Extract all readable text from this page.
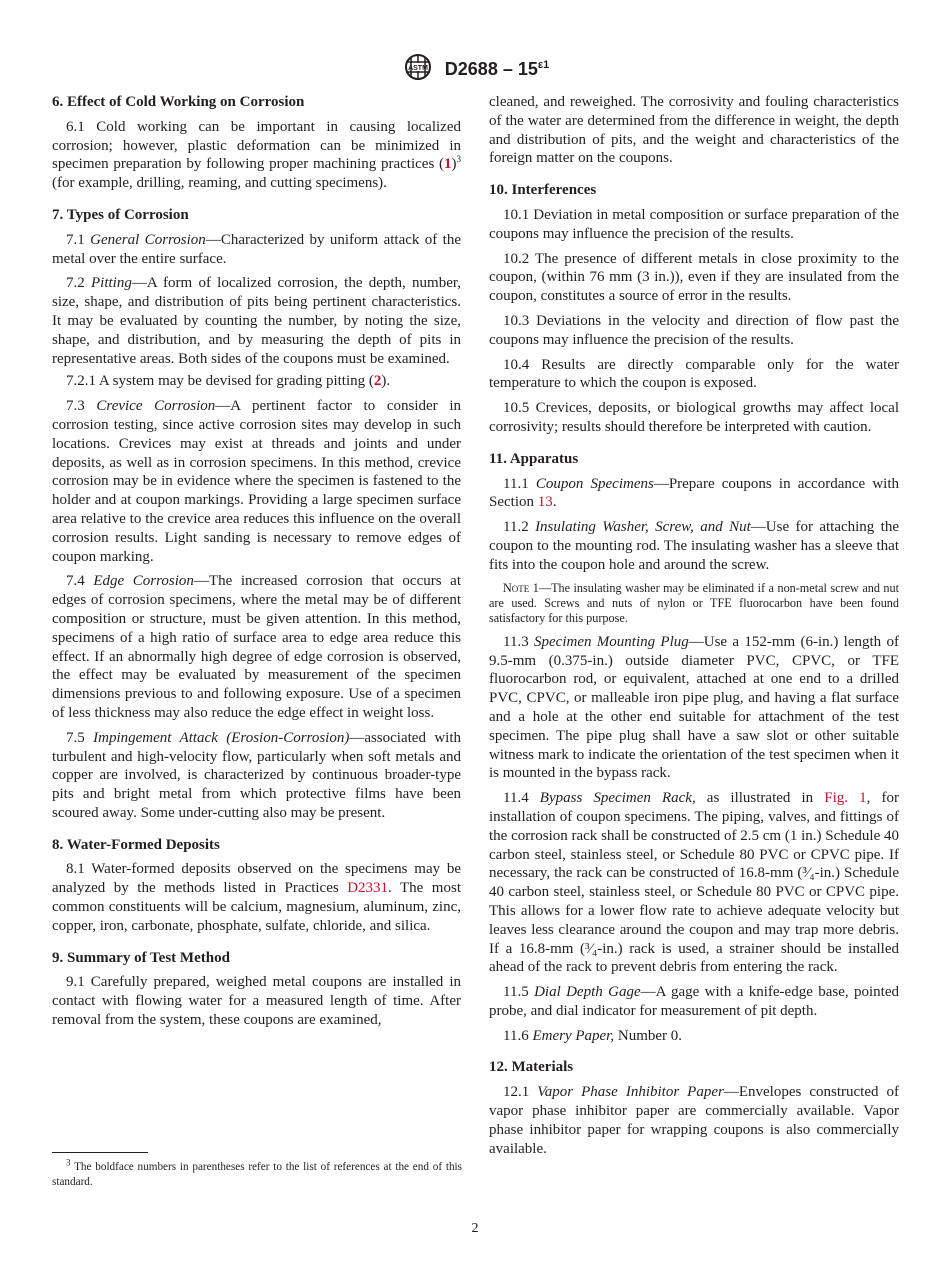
ASTM $D2688 - 15^{\varepsilon 1}$
6. Effect of Cold Working on Corrosion

6.1 Cold working can be important in causing localized corrosion; however, plastic deformation can be minimized in specimen preparation by following proper machining practices (1)$^3$ (for example, drilling, reaming, and cutting specimens).

7. Types of Corrosion

7.1 General Corrosion—Characterized by uniform attack of the metal over the entire surface.

7.2 Pitting—A form of localized corrosion, the depth, number, size, shape, and distribution of pits being pertinent characteristics. It may be evaluated by counting the number, by noting the size, shape, and distribution, and by measuring the depth of pits in representative areas. Both sides of the coupons must be examined.

7.2.1 A system may be devised for grading pitting (2).

7.3 Crevice Corrosion—A pertinent factor to consider in corrosion testing, since active corrosion sites may develop in such locations. Crevices may exist at threads and joints and under deposits, as well as in corrosion specimens. In this method, crevice corrosion may be in evidence where the specimen is fastened to the holder and at coupon markings. Providing a large specimen surface area relative to the crevice area reduces this influence on the overall corrosion results. Light sanding is necessary to remove edges of coupon marking.

7.4 Edge Corrosion—The increased corrosion that occurs at edges of corrosion specimens, where the metal may be of different composition or structure, must be given attention. In this method, specimens of a high ratio of surface area to edge area reduce this effect. If an abnormally high degree of edge corrosion is observed, the effect may be evaluated by measurement of the specimen dimensions previous to and following exposure. Use of a specimen of less thickness may also reduce the edge effect in weight loss.

7.5 Impingement Attack (Erosion-Corrosion)—associated with turbulent and high-velocity flow, particularly when soft metals and copper are involved, is characterized by continuous broader-type pits and bright metal from which protective films have been scoured away. Some under-cutting also may be present.

8. Water-Formed Deposits

8.1 Water-formed deposits observed on the specimens may be analyzed by the methods listed in Practices D2331. The most common constituents will be calcium, magnesium, aluminum, zinc, copper, iron, carbonate, phosphate, sulfate, chloride, and silica.

9. Summary of Test Method

9.1 Carefully prepared, weighed metal coupons are installed in contact with flowing water for a measured length of time. After removal from the system, these coupons are examined,

$^3$ The boldface numbers in parentheses refer to the list of references at the end of this standard.

cleaned, and reweighed. The corrosivity and fouling characteristics of the water are determined from the difference in weight, the depth and distribution of pits, and the weight and characteristics of the foreign matter on the coupons.

10. Interferences

10.1 Deviation in metal composition or surface preparation of the coupons may influence the precision of the results.

10.2 The presence of different metals in close proximity to the coupon, (within 76 mm (3 in.)), even if they are insulated from the coupon, constitutes a source of error in the results.

10.3 Deviations in the velocity and direction of flow past the coupons may influence the precision of the results.

10.4 Results are directly comparable only for the water temperature to which the coupon is exposed.

10.5 Crevices, deposits, or biological growths may affect local corrosivity; results should therefore be interpreted with caution.

11. Apparatus

11.1 Coupon Specimens—Prepare coupons in accordance with Section 13.

11.2 Insulating Washer, Screw, and Nut—Use for attaching the coupon to the mounting rod. The insulating washer has a sleeve that fits into the coupon hole and around the screw.

Note 1—The insulating washer may be eliminated if a non-metal screw and nut are used. Screws and nuts of nylon or TFE fluorocarbon have been found satisfactory for this purpose.

11.3 Specimen Mounting Plug—Use a 152-mm (6-in.) length of 9.5-mm (0.375-in.) outside diameter PVC, CPVC, or TFE fluorocarbon rod, or equivalent, attached at one end to a drilled PVC, CPVC, or malleable iron pipe plug, and having a flat surface and a hole at the other end suitable for attachment of the test specimen. The pipe plug shall have a saw slot or other suitable witness mark to indicate the orientation of the test specimen when it is mounted in the bypass rack.

11.4 Bypass Specimen Rack, as illustrated in Fig. 1, for installation of coupon specimens. The piping, valves, and fittings of the corrosion rack shall be constructed of 2.5 cm (1 in.) Schedule 40 carbon steel, stainless steel, or Schedule 80 PVC or CPVC pipe. If necessary, the rack can be constructed of 16.8-mm (³⁄₄-in.) Schedule 40 carbon steel, stainless steel, or Schedule 80 PVC or CPVC pipe. This allows for a lower flow rate to achieve adequate velocity but leaves less clearance around the coupon and may trap more debris. If a 16.8-mm (³⁄₄-in.) rack is used, a strainer should be installed ahead of the rack to prevent debris from entering the rack.

11.5 Dial Depth Gage—A gage with a knife-edge base, pointed probe, and dial indicator for measurement of pit depth.

11.6 Emery Paper, Number 0.

12. Materials

12.1 Vapor Phase Inhibitor Paper—Envelopes constructed of vapor phase inhibitor paper are commercially available. Vapor phase inhibitor paper for wrapping coupons is also commercially available.

2
